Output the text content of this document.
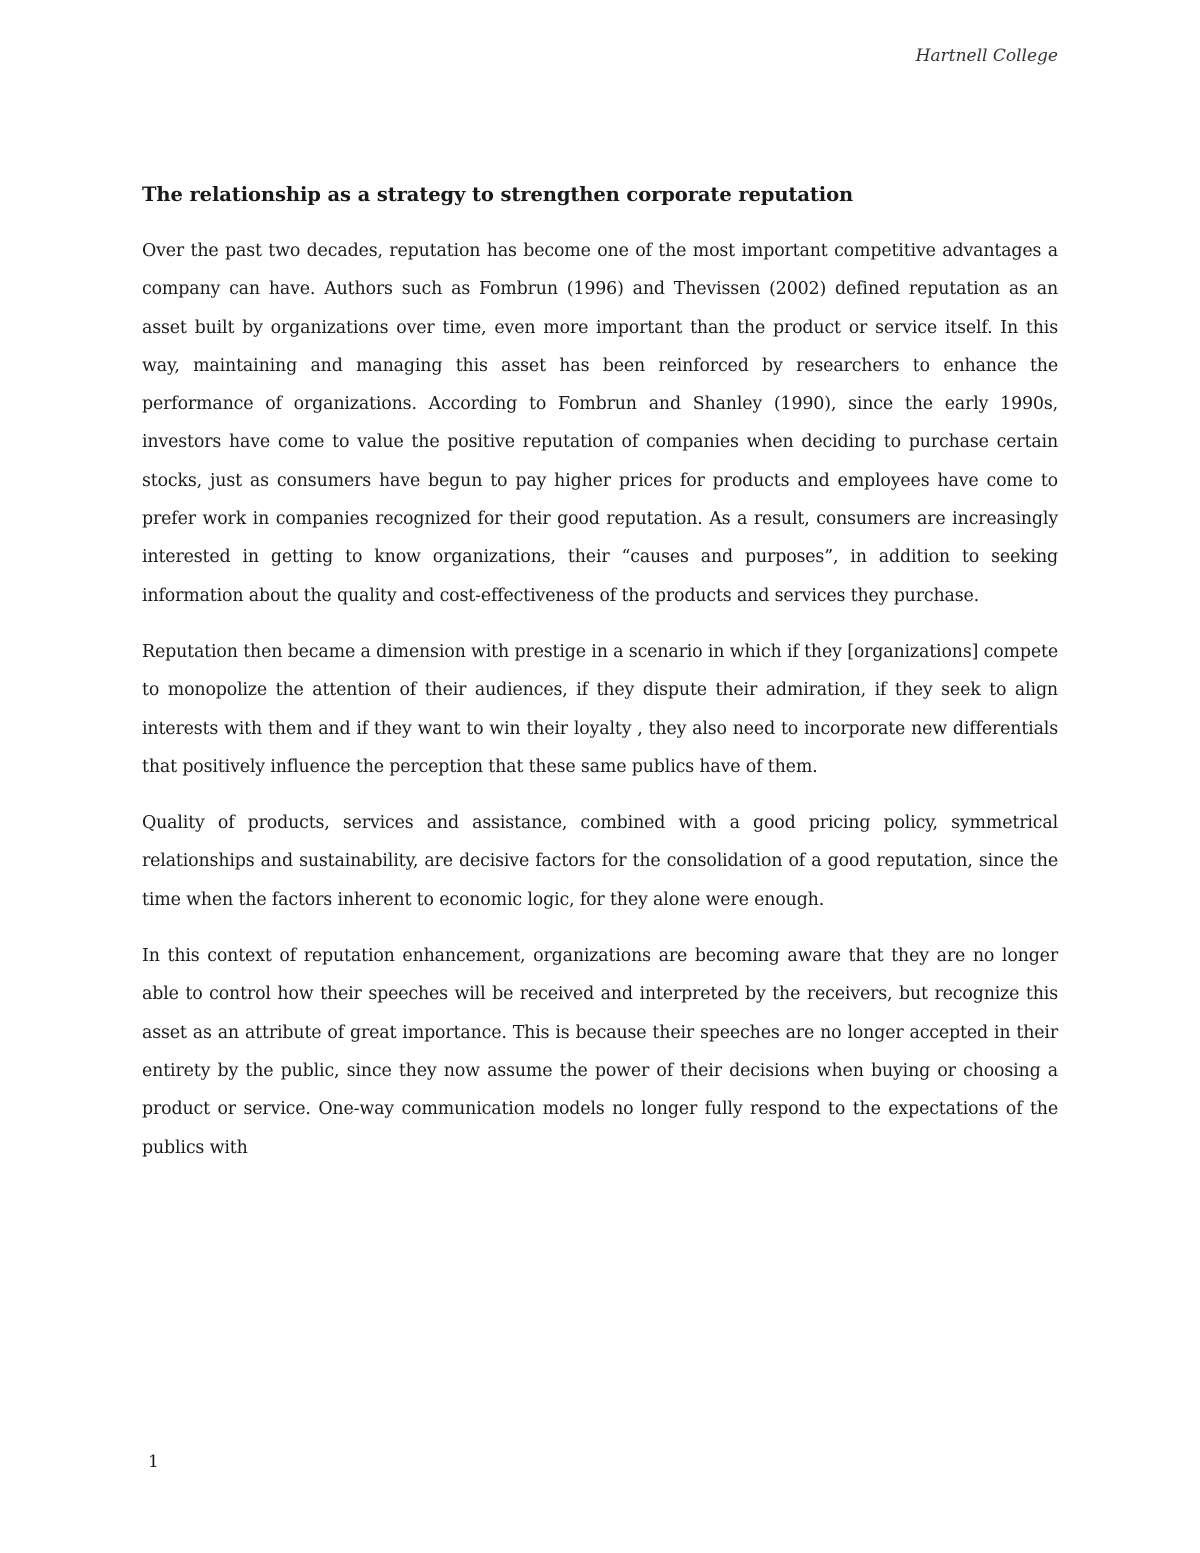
Hartnell College
The relationship as a strategy to strengthen corporate reputation

Over the past two decades, reputation has become one of the most important competitive advantages a company can have. Authors such as Fombrun (1996) and Thevissen (2002) defined reputation as an asset built by organizations over time, even more important than the product or service itself. In this way, maintaining and managing this asset has been reinforced by researchers to enhance the performance of organizations. According to Fombrun and Shanley (1990), since the early 1990s, investors have come to value the positive reputation of companies when deciding to purchase certain stocks, just as consumers have begun to pay higher prices for products and employees have come to prefer work in companies recognized for their good reputation. As a result, consumers are increasingly interested in getting to know organizations, their “causes and purposes”, in addition to seeking information about the quality and cost-effectiveness of the products and services they purchase.

Reputation then became a dimension with prestige in a scenario in which if they [organizations] compete to monopolize the attention of their audiences, if they dispute their admiration, if they seek to align interests with them and if they want to win their loyalty , they also need to incorporate new differentials that positively influence the perception that these same publics have of them.

Quality of products, services and assistance, combined with a good pricing policy, symmetrical relationships and sustainability, are decisive factors for the consolidation of a good reputation, since the time when the factors inherent to economic logic, for they alone were enough.

In this context of reputation enhancement, organizations are becoming aware that they are no longer able to control how their speeches will be received and interpreted by the receivers, but recognize this asset as an attribute of great importance. This is because their speeches are no longer accepted in their entirety by the public, since they now assume the power of their decisions when buying or choosing a product or service. One-way communication models no longer fully respond to the expectations of the publics with

1
